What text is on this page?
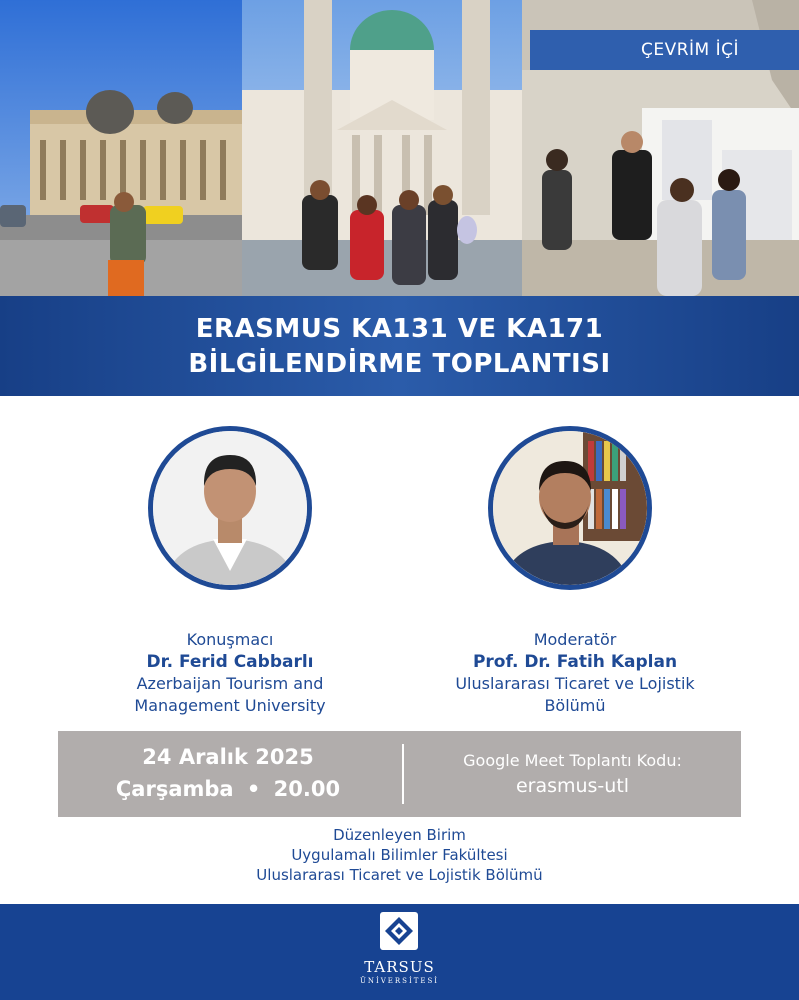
ÇEVRİM İÇİ
ERASMUS KA131 VE KA171
BİLGİLENDİRME TOPLANTISI
Konuşmacı
Dr. Ferid Cabbarlı
Azerbaijan Tourism and
Management University
Moderatör
Prof. Dr. Fatih Kaplan
Uluslararası Ticaret ve Lojistik
Bölümü
24 Aralık 2025
Çarşamba • 20.00
Google Meet Toplantı Kodu:
erasmus-utl
Düzenleyen Birim
Uygulamalı Bilimler Fakültesi
Uluslararası Ticaret ve Lojistik Bölümü
TARSUS
ÜNİVERSİTESİ
